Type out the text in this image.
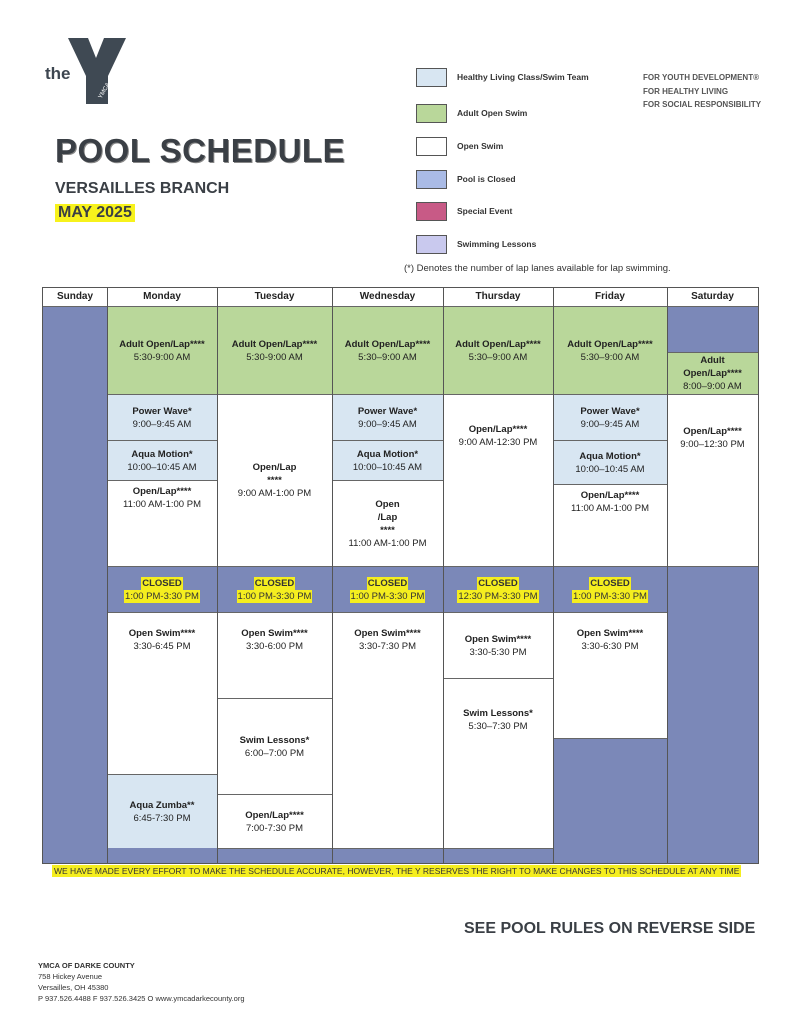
the
YMCA
POOL SCHEDULE
VERSAILLES BRANCH
MAY 2025
Healthy Living Class/Swim Team
Adult Open Swim
Open Swim
Pool is Closed
Special Event
Swimming Lessons
FOR YOUTH DEVELOPMENT®
FOR HEALTHY LIVING
FOR SOCIAL RESPONSIBILITY
(*) Denotes the number of lap lanes available for lap swimming.
Sunday	Monday
Adult Open/Lap****
5:30-9:00 AM
Power Wave*
9:00–9:45 AM
Aqua Motion*
10:00–10:45 AM
Open/Lap****
11:00 AM-1:00 PM
CLOSED
1:00 PM-3:30 PM
Open Swim****
3:30-6:45 PM
Aqua Zumba**
6:45-7:30 PM
Tuesday
Adult Open/Lap****
5:30-9:00 AM
Open/Lap
****
9:00 AM-1:00 PM
CLOSED
1:00 PM-3:30 PM
Open Swim****
3:30-6:00 PM
Swim Lessons*
6:00–7:00 PM
Open/Lap****
7:00-7:30 PM
Wednesday
Adult Open/Lap****
5:30–9:00 AM
Power Wave*
9:00–9:45 AM
Aqua Motion*
10:00–10:45 AM
Open
/Lap
****
11:00 AM-1:00 PM
CLOSED
1:00 PM-3:30 PM
Open Swim****
3:30-7:30 PM
Thursday
Adult Open/Lap****
5:30–9:00 AM
Open/Lap****
9:00 AM-12:30 PM
CLOSED
12:30 PM-3:30 PM
Open Swim****
3:30-5:30 PM
Swim Lessons*
5:30–7:30 PM
Friday
Adult Open/Lap****
5:30–9:00 AM
Power Wave*
9:00–9:45 AM
Aqua Motion*
10:00–10:45 AM
Open/Lap****
11:00 AM-1:00 PM
CLOSED
1:00 PM-3:30 PM
Open Swim****
3:30-6:30 PM
Saturday
Adult
Open/Lap****
8:00–9:00 AM
Open/Lap****
9:00–12:30 PM
WE HAVE MADE EVERY EFFORT TO MAKE THE SCHEDULE ACCURATE, HOWEVER, THE Y RESERVES THE RIGHT TO MAKE CHANGES TO THIS SCHEDULE AT ANY TIME
SEE POOL RULES ON REVERSE SIDE
YMCA OF DARKE COUNTY
758 Hickey Avenue
Versailles, OH 45380
P 937.526.4488 F 937.526.3425 O www.ymcadarkecounty.org
